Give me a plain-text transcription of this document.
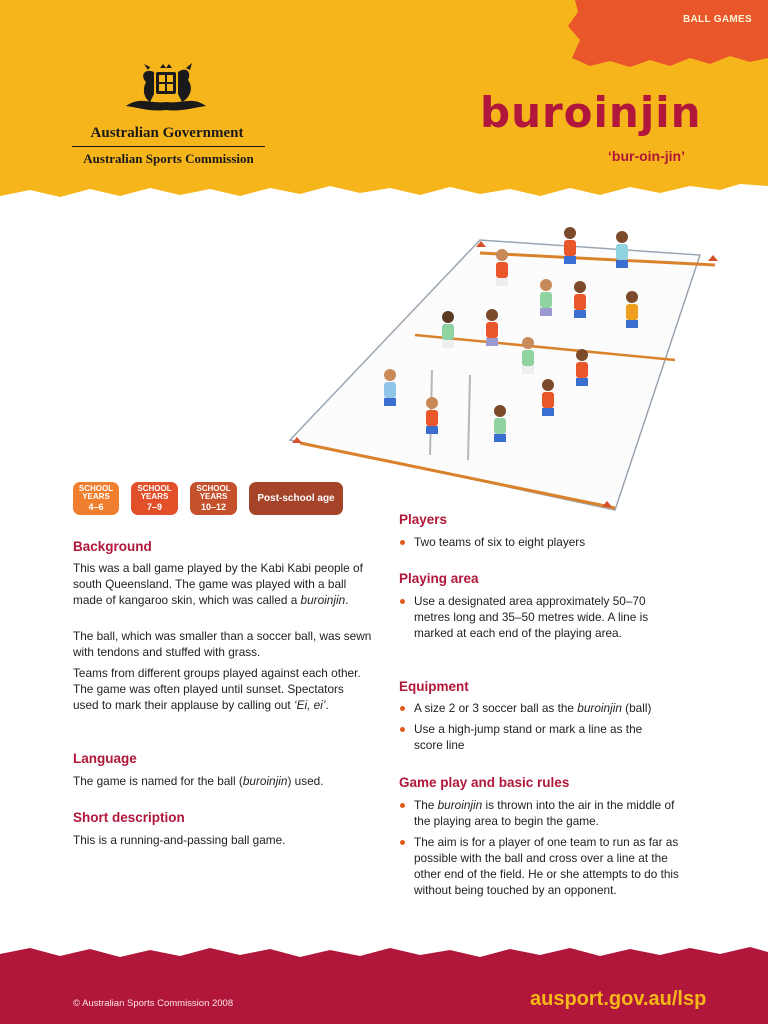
Australian Government
Australian Sports Commission
BALL GAMES
buroinjin
‘bur-oin-jin’
SCHOOL
YEARS
4–6
SCHOOL
YEARS
7–9
SCHOOL
YEARS
10–12
Post-school age
Background
This was a ball game played by the Kabi Kabi people of south Queensland. The game was played with a ball made of kangaroo skin, which was called a buroinjin.
The ball, which was smaller than a soccer ball, was sewn with tendons and stuffed with grass.
Teams from different groups played against each other. The game was often played until sunset. Spectators used to mark their applause by calling out ‘Ei, ei’.
Language
The game is named for the ball (buroinjin) used.
Short description
This is a running-and-passing ball game.
Players
Two teams of six to eight players
Playing area
Use a designated area approximately 50–70 metres long and 35–50 metres wide. A line is marked at each end of the playing area.
Equipment
A size 2 or 3 soccer ball as the buroinjin (ball)
Use a high-jump stand or mark a line as the score line
Game play and basic rules
The buroinjin is thrown into the air in the middle of the playing area to begin the game.
The aim is for a player of one team to run as far as possible with the ball and cross over a line at the other end of the field. He or she attempts to do this without being touched by an opponent.
© Australian Sports Commission 2008	ausport.gov.au/lsp
